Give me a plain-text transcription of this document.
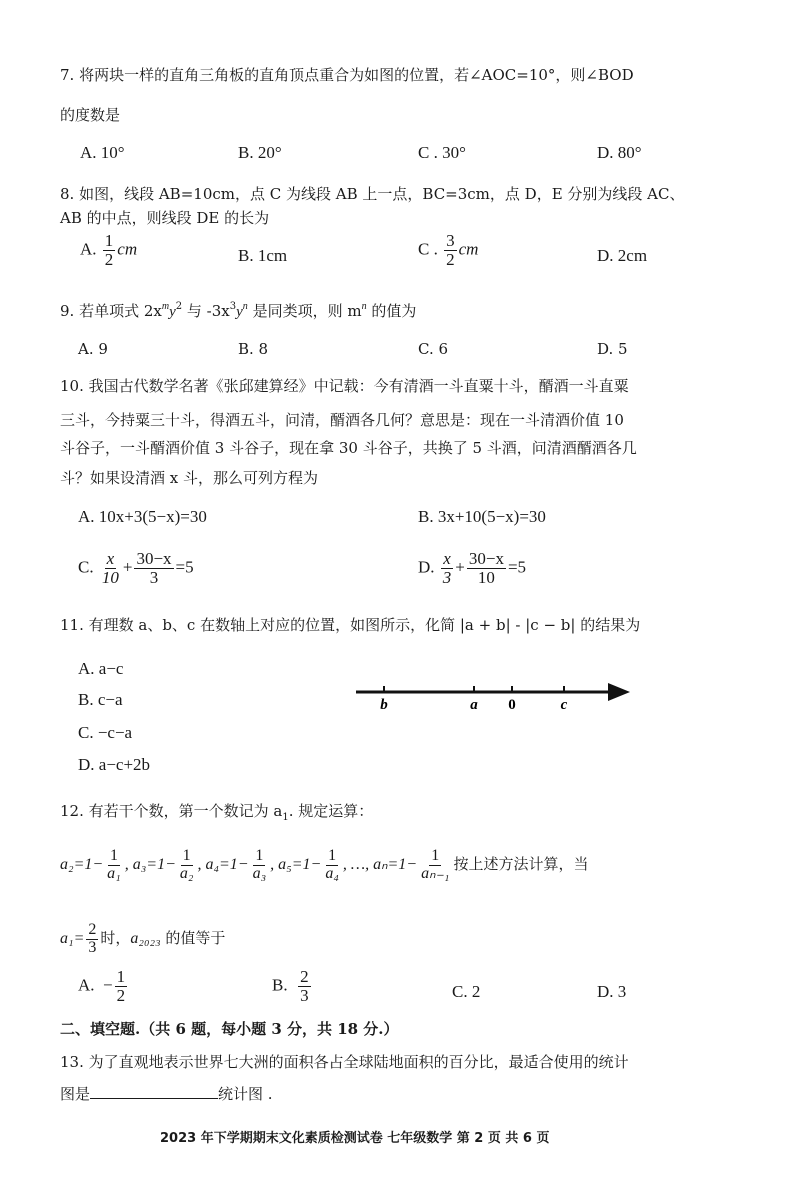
7. 将两块一样的直角三角板的直角顶点重合为如图的位置，若∠AOC=10°，则∠BOD
的度数是
A. 10°	B. 20°	C . 30°	D. 80°
8. 如图，线段 AB=10cm，点 C 为线段 AB 上一点，BC=3cm，点 D，E 分别为线段 AC、
AB 的中点，则线段 DE 的长为
A. $\frac{1}{2}$ cm	B. 1cm	C . $\frac{3}{2}$ cm	D. 2cm
9. 若单项式 $2x^my^2$ 与 $-3x^3y^n$ 是同类项，则 $m^n$ 的值为
A. 9	B. 8	C. 6	D. 5
10. 我国古代数学名著《张邱建算经》中记载：今有清酒一斗直粟十斗，醑酒一斗直粟
三斗，今持粟三十斗，得酒五斗，问清，醑酒各几何？意思是：现在一斗清酒价值 10
斗谷子，一斗醑酒价值 3 斗谷子，现在拿 30 斗谷子，共换了 5 斗酒，问清酒醑酒各几
斗？如果设清酒 x 斗，那么可列方程为
A. 10x+3(5−x)=30	B. 3x+10(5−x)=30
C. $\frac{x}{10} + \frac{30-x}{3} =5$	D. $\frac{x}{3} + \frac{30-x}{10} =5$
11. 有理数 a、b、c 在数轴上对应的位置，如图所示，化简 |a + b| - |c − b| 的结果为
A. a−c
B. c−a
C. −c−a
D. a−c+2b
b	a 0	c
12. 有若干个数，第一个数记为 $a_1$. 规定运算：
$a_2=1- \frac{1}{\text{a₁}}$ , $a_3=1- \frac{1}{\text{a₂}}$ , $a_4=1- \frac{1}{\text{a₃}}$ , $a_5=1- \frac{1}{\text{a₄}}$ , …, $a_n=1- \frac{1}{\text{aₙ₋₁}}$ 按上述方法计算，当
$a_1= \frac{2}{3}$ 时，a₂₀₂₃ 的值等于
A. − $\frac{1}{2}$	B. $\frac{2}{3}$	C. 2	D. 3
二、填空题.（共 6 题，每小题 3 分，共 18 分.）
13. 为了直观地表示世界七大洲的面积各占全球陆地面积的百分比，最适合使用的统计
图是	统计图 .
2023 年下学期期末文化素质检测试卷 七年级数学 第 2 页 共 6 页
